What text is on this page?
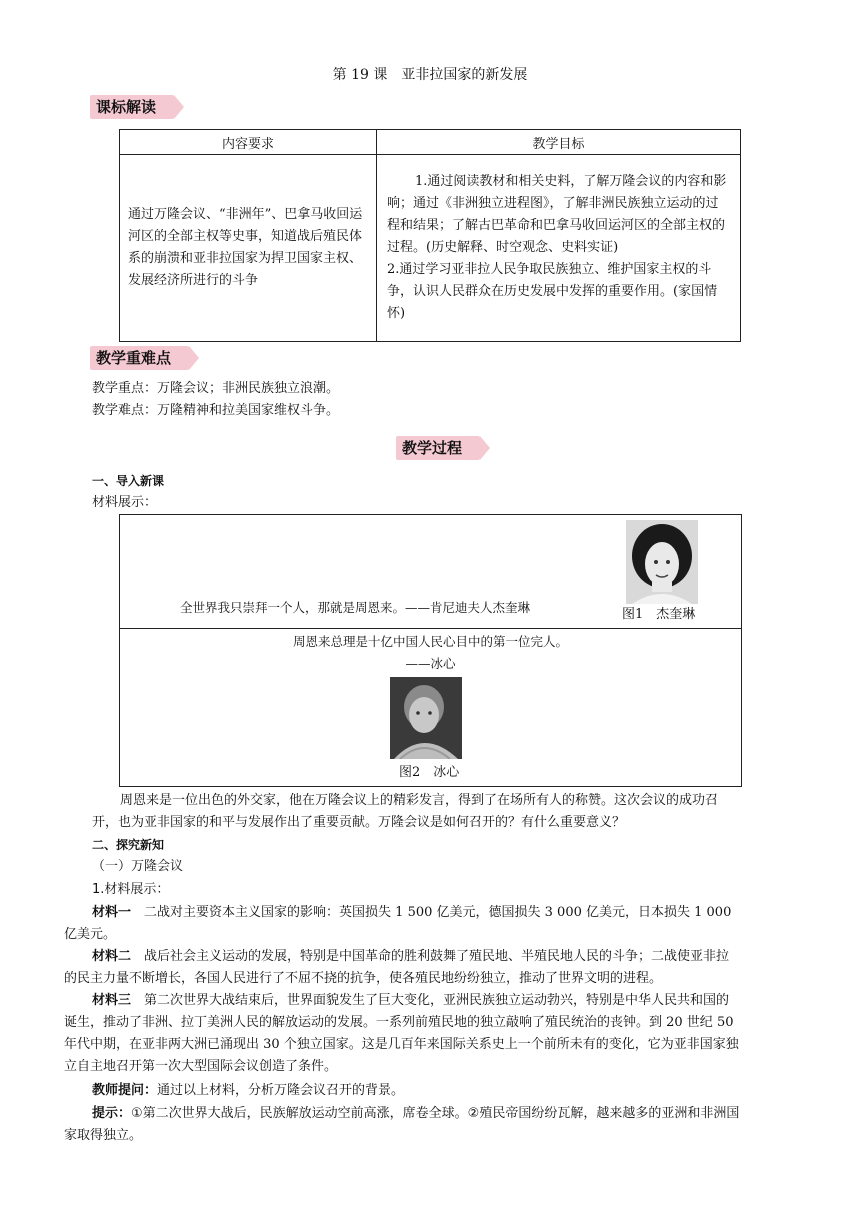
第 19 课　亚非拉国家的新发展
课标解读
内容要求	教学目标
通过万隆会议、“非洲年”、巴拿马收回运河区的全部主权等史事，知道战后殖民体系的崩溃和亚非拉国家为捍卫国家主权、发展经济所进行的斗争	1.通过阅读教材和相关史料，了解万隆会议的内容和影响；通过《非洲独立进程图》，了解非洲民族独立运动的过程和结果；了解古巴革命和巴拿马收回运河区的全部主权的过程。(历史解释、时空观念、史料实证)

2.通过学习亚非拉人民争取民族独立、维护国家主权的斗争，认识人民群众在历史发展中发挥的重要作用。(家国情怀)

教学重难点
教学重点：万隆会议；非洲民族独立浪潮。
教学难点：万隆精神和拉美国家维权斗争。
教学过程
一、导入新课
材料展示：
全世界我只崇拜一个人，那就是周恩来。——肯尼迪夫人杰奎琳	图1　杰奎琳
周恩来总理是十亿中国人民心目中的第一位完人。
——冰心
图2　冰心
周恩来是一位出色的外交家，他在万隆会议上的精彩发言，得到了在场所有人的称赞。这次会议的成功召开，也为亚非国家的和平与发展作出了重要贡献。万隆会议是如何召开的？有什么重要意义？
二、探究新知
（一）万隆会议
1.材料展示：
材料一　 二战对主要资本主义国家的影响：英国损失 1 500 亿美元，德国损失 3 000 亿美元，日本损失 1 000 亿美元。
材料二　 战后社会主义运动的发展，特别是中国革命的胜利鼓舞了殖民地、半殖民地人民的斗争；二战使亚非拉的民主力量不断增长，各国人民进行了不屈不挠的抗争，使各殖民地纷纷独立，推动了世界文明的进程。
材料三　 第二次世界大战结束后，世界面貌发生了巨大变化，亚洲民族独立运动勃兴，特别是中华人民共和国的诞生，推动了非洲、拉丁美洲人民的解放运动的发展。一系列前殖民地的独立敲响了殖民统治的丧钟。到 20 世纪 50 年代中期，在亚非两大洲已涌现出 30 个独立国家。这是几百年来国际关系史上一个前所未有的变化，它为亚非国家独立自主地召开第一次大型国际会议创造了条件。
教师提问：通过以上材料，分析万隆会议召开的背景。
提示：①第二次世界大战后，民族解放运动空前高涨，席卷全球。②殖民帝国纷纷瓦解，越来越多的亚洲和非洲国家取得独立。
